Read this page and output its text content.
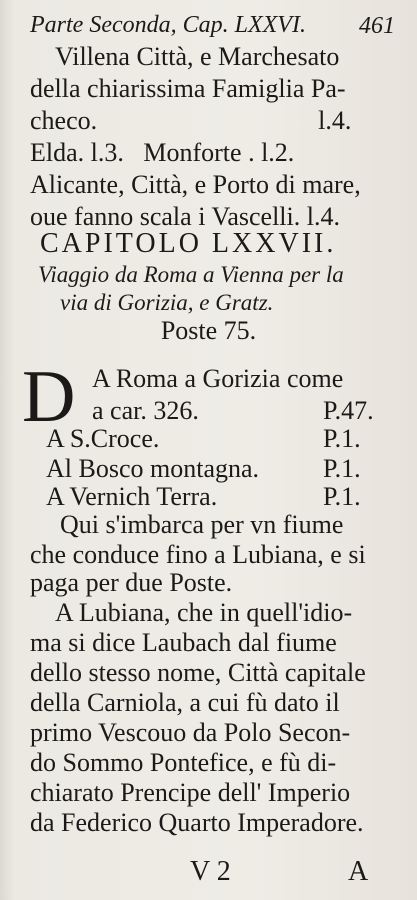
Parte Seconda, Cap. LXXVI. 461
Villena Città, e Marchesato
della chiarissima Famiglia Pa-
checo.                                  l.4.
Elda. l.3.   Monforte . l.2.
Alicante, Città, e Porto di mare,
oue fanno scala i Vascelli. l.4.
CAPITOLO LXXVII.
Viaggio da Roma a Vienna per la
via di Gorizia, e Gratz.
Poste 75.
D A Roma a Gorizia come
a car. 326.	P.47.
A S.Croce.	P.1.
Al Bosco montagna. P.1.
A Vernich Terra.	P.1.
Qui s'imbarca per vn fiume
che conduce fino a Lubiana, e si
paga per due Poste.
A Lubiana, che in quell'idio-
ma si dice Laubach dal fiume
dello stesso nome, Città capitale
della Carniola, a cui fù dato il
primo Vescouo da Polo Secon-
do Sommo Pontefice, e fù di-
chiarato Prencipe dell' Imperio
da Federico Quarto Imperadore.
V 2	A
